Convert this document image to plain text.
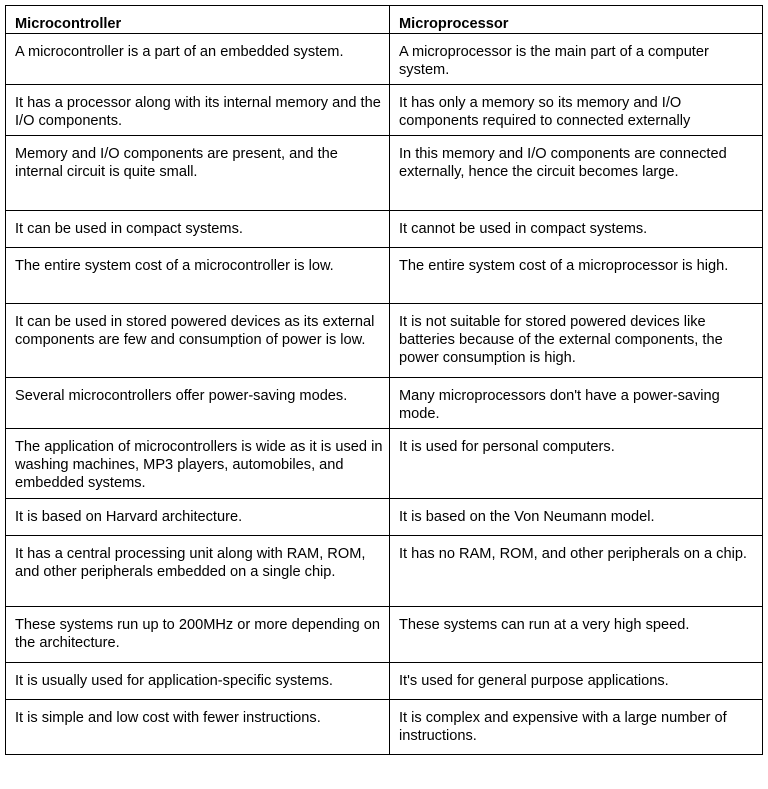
Microcontroller	Microprocessor
A microcontroller is a part of an embedded system.	A microprocessor is the main part of a computer system.
It has a processor along with its internal memory and the I/O components.	It has only a memory so its memory and I/O components required to connected externally
Memory and I/O components are present, and the internal circuit is quite small.	In this memory and I/O components are connected externally, hence the circuit becomes large.
It can be used in compact systems.	It cannot be used in compact systems.
The entire system cost of a microcontroller is low.	The entire system cost of a microprocessor is high.
It can be used in stored powered devices as its external components are few and consumption of power is low.	It is not suitable for stored powered devices like batteries because of the external components, the power consumption is high.
Several microcontrollers offer power-saving modes.	Many microprocessors don't have a power-saving mode.
The application of microcontrollers is wide as it is used in washing machines, MP3 players, automobiles, and embedded systems.	It is used for personal computers.
It is based on Harvard architecture.	It is based on the Von Neumann model.
It has a central processing unit along with RAM, ROM, and other peripherals embedded on a single chip.	It has no RAM, ROM, and other peripherals on a chip.
These systems run up to 200MHz or more depending on the architecture.	These systems can run at a very high speed.
It is usually used for application-specific systems.	It's used for general purpose applications.
It is simple and low cost with fewer instructions.	It is complex and expensive with a large number of instructions.
